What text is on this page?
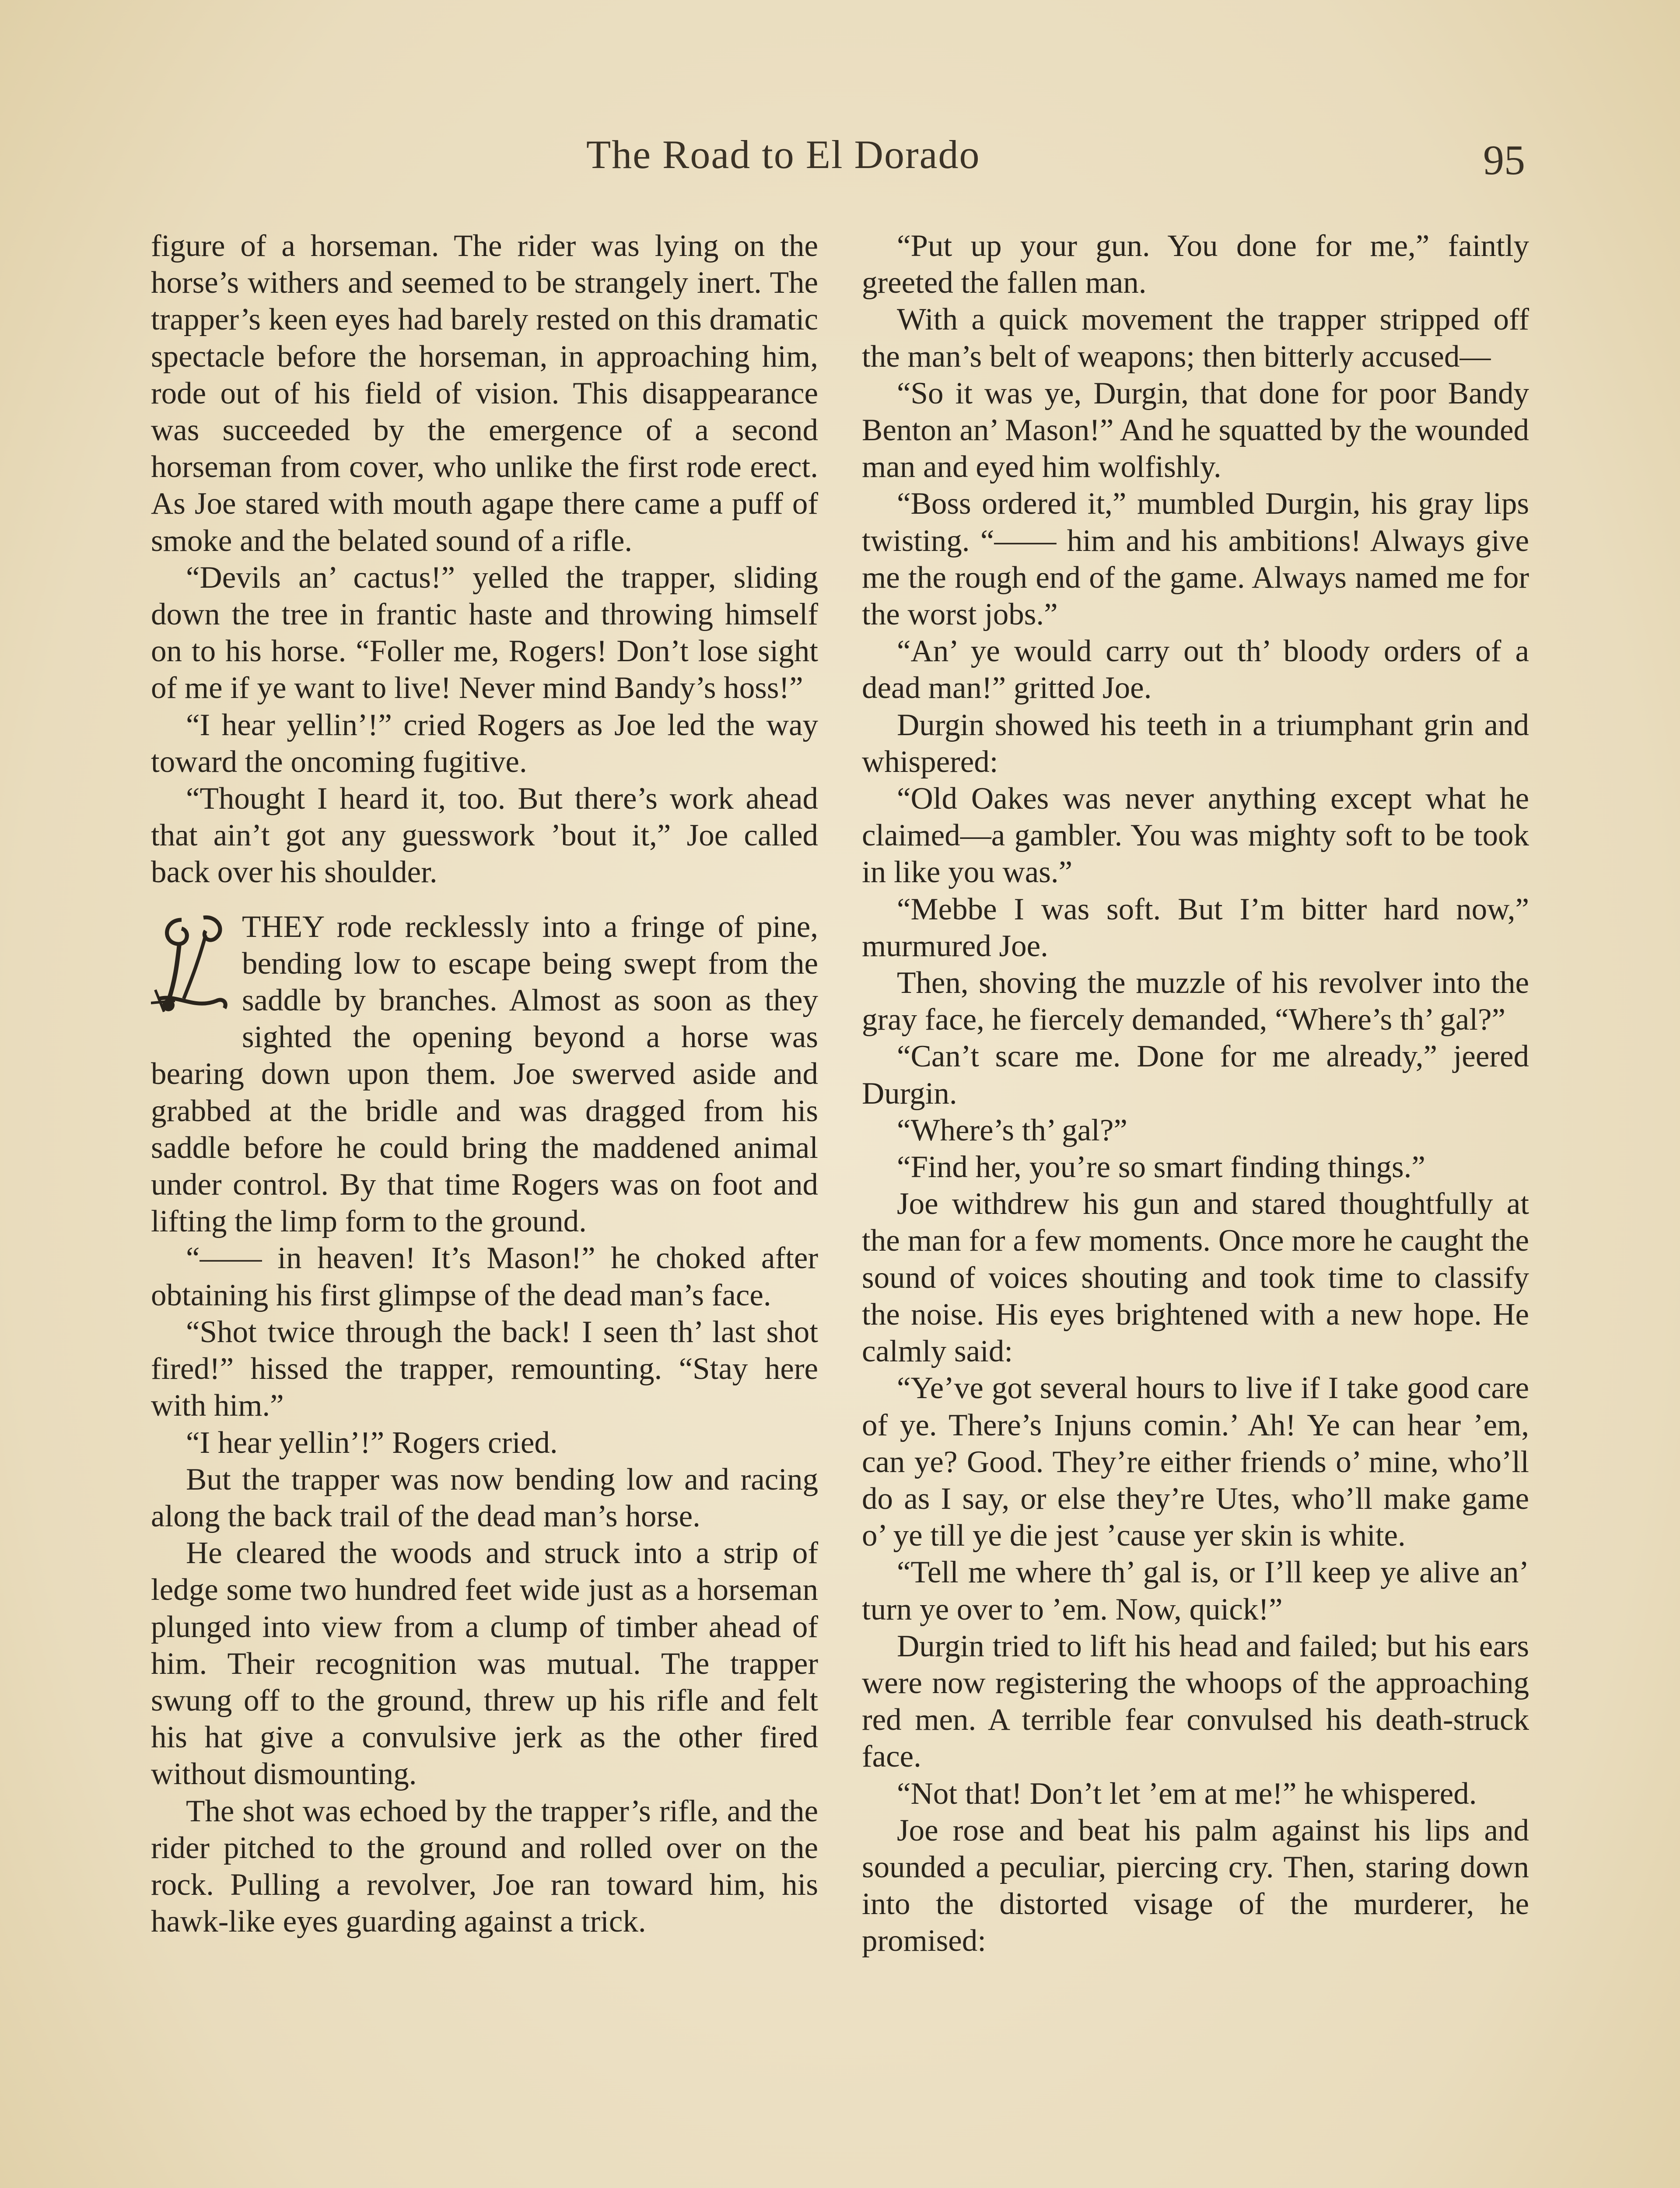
The Road to El Dorado	95

figure of a horseman. The rider was lying on the horse’s withers and seemed to be strangely inert. The trapper’s keen eyes had barely rested on this dramatic spectacle before the horseman, in approaching him, rode out of his field of vision. This disappearance was succeeded by the emergence of a second horseman from cover, who unlike the first rode erect. As Joe stared with mouth agape there came a puff of smoke and the belated sound of a rifle.

“Devils an’ cactus!” yelled the trapper, sliding down the tree in frantic haste and throwing himself on to his horse. “Foller me, Rogers! Don’t lose sight of me if ye want to live! Never mind Bandy’s hoss!”

“I hear yellin’!” cried Rogers as Joe led the way toward the oncoming fugitive.

“Thought I heard it, too. But there’s work ahead that ain’t got any guesswork ’bout it,” Joe called back over his shoulder.

THEY rode recklessly into a fringe of pine, bending low to escape being swept from the saddle by branches. Almost as soon as they sighted the opening beyond a horse was bearing down upon them. Joe swerved aside and grabbed at the bridle and was dragged from his saddle before he could bring the maddened animal under control. By that time Rogers was on foot and lifting the limp form to the ground.

“—— in heaven! It’s Mason!” he choked after obtaining his first glimpse of the dead man’s face.

“Shot twice through the back! I seen th’ last shot fired!” hissed the trapper, remounting. “Stay here with him.”

“I hear yellin’!” Rogers cried.

But the trapper was now bending low and racing along the back trail of the dead man’s horse.

He cleared the woods and struck into a strip of ledge some two hundred feet wide just as a horseman plunged into view from a clump of timber ahead of him. Their recognition was mutual. The trapper swung off to the ground, threw up his rifle and felt his hat give a convulsive jerk as the other fired without dismounting.

The shot was echoed by the trapper’s rifle, and the rider pitched to the ground and rolled over on the rock. Pulling a revolver, Joe ran toward him, his hawk-like eyes guarding against a trick.

“Put up your gun. You done for me,” faintly greeted the fallen man.

With a quick movement the trapper stripped off the man’s belt of weapons; then bitterly accused—

“So it was ye, Durgin, that done for poor Bandy Benton an’ Mason!” And he squatted by the wounded man and eyed him wolfishly.

“Boss ordered it,” mumbled Durgin, his gray lips twisting. “—— him and his ambitions! Always give me the rough end of the game. Always named me for the worst jobs.”

“An’ ye would carry out th’ bloody orders of a dead man!” gritted Joe.

Durgin showed his teeth in a triumphant grin and whispered:

“Old Oakes was never anything except what he claimed—a gambler. You was mighty soft to be took in like you was.”

“Mebbe I was soft. But I’m bitter hard now,” murmured Joe.

Then, shoving the muzzle of his revolver into the gray face, he fiercely demanded, “Where’s th’ gal?”

“Can’t scare me. Done for me already,” jeered Durgin.

“Where’s th’ gal?”

“Find her, you’re so smart finding things.”

Joe withdrew his gun and stared thoughtfully at the man for a few moments. Once more he caught the sound of voices shouting and took time to classify the noise. His eyes brightened with a new hope. He calmly said:

“Ye’ve got several hours to live if I take good care of ye. There’s Injuns comin.’ Ah! Ye can hear ’em, can ye? Good. They’re either friends o’ mine, who’ll do as I say, or else they’re Utes, who’ll make game o’ ye till ye die jest ’cause yer skin is white.

“Tell me where th’ gal is, or I’ll keep ye alive an’ turn ye over to ’em. Now, quick!”

Durgin tried to lift his head and failed; but his ears were now registering the whoops of the approaching red men. A terrible fear convulsed his death-struck face.

“Not that! Don’t let ’em at me!” he whispered.

Joe rose and beat his palm against his lips and sounded a peculiar, piercing cry. Then, staring down into the distorted visage of the murderer, he promised:
